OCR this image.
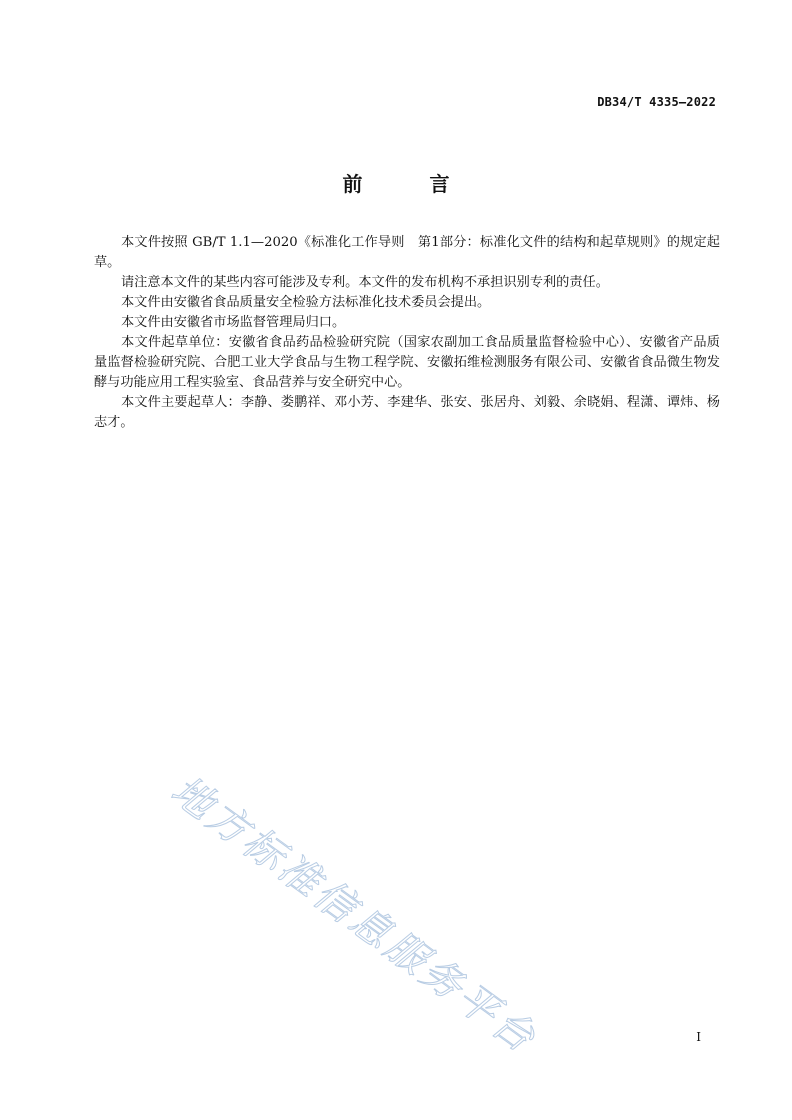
DB34/T 4335—2022
前 言

本文件按照 GB/T 1.1—2020《标准化工作导则　第1部分：标准化文件的结构和起草规则》的规定起草。

请注意本文件的某些内容可能涉及专利。本文件的发布机构不承担识别专利的责任。

本文件由安徽省食品质量安全检验方法标准化技术委员会提出。

本文件由安徽省市场监督管理局归口。

本文件起草单位：安徽省食品药品检验研究院（国家农副加工食品质量监督检验中心）、安徽省产品质量监督检验研究院、合肥工业大学食品与生物工程学院、安徽拓维检测服务有限公司、安徽省食品微生物发酵与功能应用工程实验室、食品营养与安全研究中心。

本文件主要起草人：李静、娄鹏祥、邓小芳、李建华、张安、张居舟、刘毅、余晓娟、程潇、谭炜、杨志才。

地方标准信息服务平台	I
